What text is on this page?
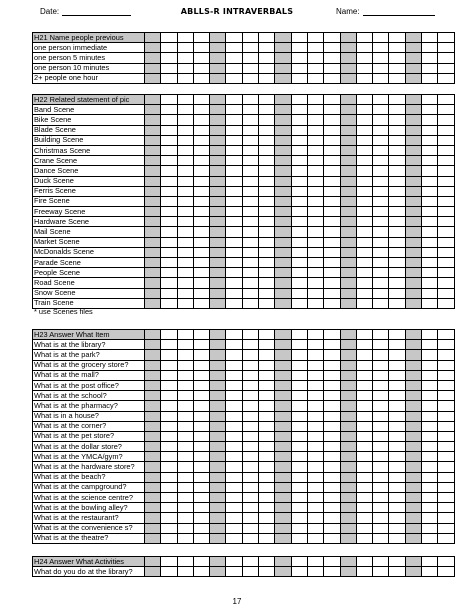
Date:	ABLLS-R INTRAVERBALS	Name:
H21 Name people previous																			
one person immediate																			
one person 5 minutes																			
one person 10 minutes																			
2+ people one hour																			
H22 Related statement of pic																			
Band Scene																			
Bike Scene																			
Blade Scene																			
Building Scene																			
Christmas Scene																			
Crane Scene																			
Dance Scene																			
Duck Scene																			
Ferris Scene																			
Fire Scene																			
Freeway Scene																			
Hardware Scene																			
Mail Scene																			
Market Scene																			
McDonalds Scene																			
Parade Scene																			
People Scene																			
Road Scene																			
Snow Scene																			
Train Scene																			
* use Scenes files
H23 Answer What Item																			
What is at the library?																			
What is at the park?																			
What is at the grocery store?																			
What is at the mall?																			
What is at the post office?																			
What is at the school?																			
What is at the pharmacy?																			
What is in a house?																			
What is at the corner?																			
What is at the pet store?																			
What is at the dollar store?																			
What is at the YMCA/gym?																			
What is at the hardware store?																			
What is at the beach?																			
What is at the campground?																			
What is at the science centre?																			
What is at the bowling alley?																			
What is at the restaurant?																			
What is at the convenience s?																			
What is at the theatre?																			
H24 Answer What Activities																			
What do you do at the library?																			
17
